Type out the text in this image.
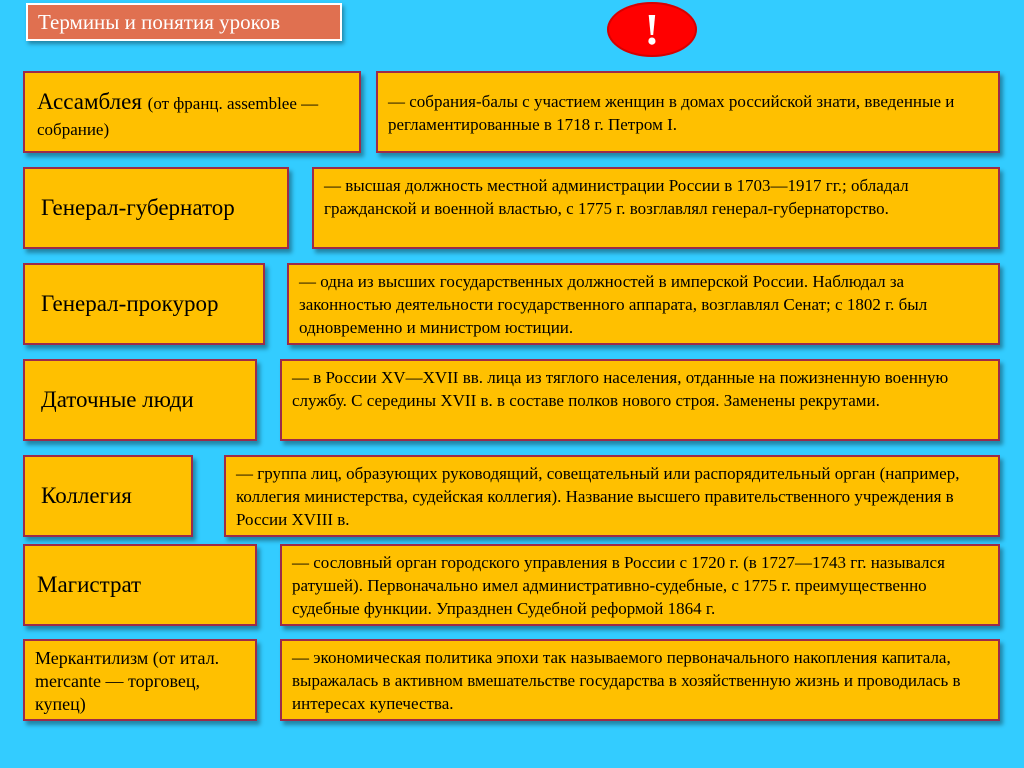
Термины и понятия уроков	!
Ассамблея (от франц. assemblee — собрание)
— собрания-балы с участием женщин в домах российской знати, введенные и регламентированные в 1718 г. Петром I.
Генерал-губернатор
— высшая должность местной администрации России в 1703—1917 гг.; обладал гражданской и военной властью, с 1775 г. возглавлял генерал-губернаторство.
Генерал-прокурор
— одна из высших государственных должностей в имперской России. Наблюдал за законностью деятельности государственного аппарата, возглавлял Сенат; с 1802 г. был одновременно и министром юстиции.
Даточные люди
— в России XV—XVII вв. лица из тяглого населения, отданные на пожизненную военную службу. С середины XVII в. в составе полков нового строя. Заменены рекрутами.
Коллегия
— группа лиц, образующих руководящий, совещательный или распорядительный орган (например, коллегия министерства, судейская коллегия). Название высшего правительственного учреждения в России XVIII в.
Магистрат
— сословный орган городского управления в России с 1720 г. (в 1727—1743 гг. назывался ратушей). Первоначально имел административно-судебные, с 1775 г. преимущественно судебные функции. Упразднен Судебной реформой 1864 г.
Меркантилизм (от итал. mercante — торговец, купец)
— экономическая политика эпохи так называемого первоначального накопления капитала, выражалась в активном вмешательстве государства в хозяйственную жизнь и проводилась в интересах купечества.
